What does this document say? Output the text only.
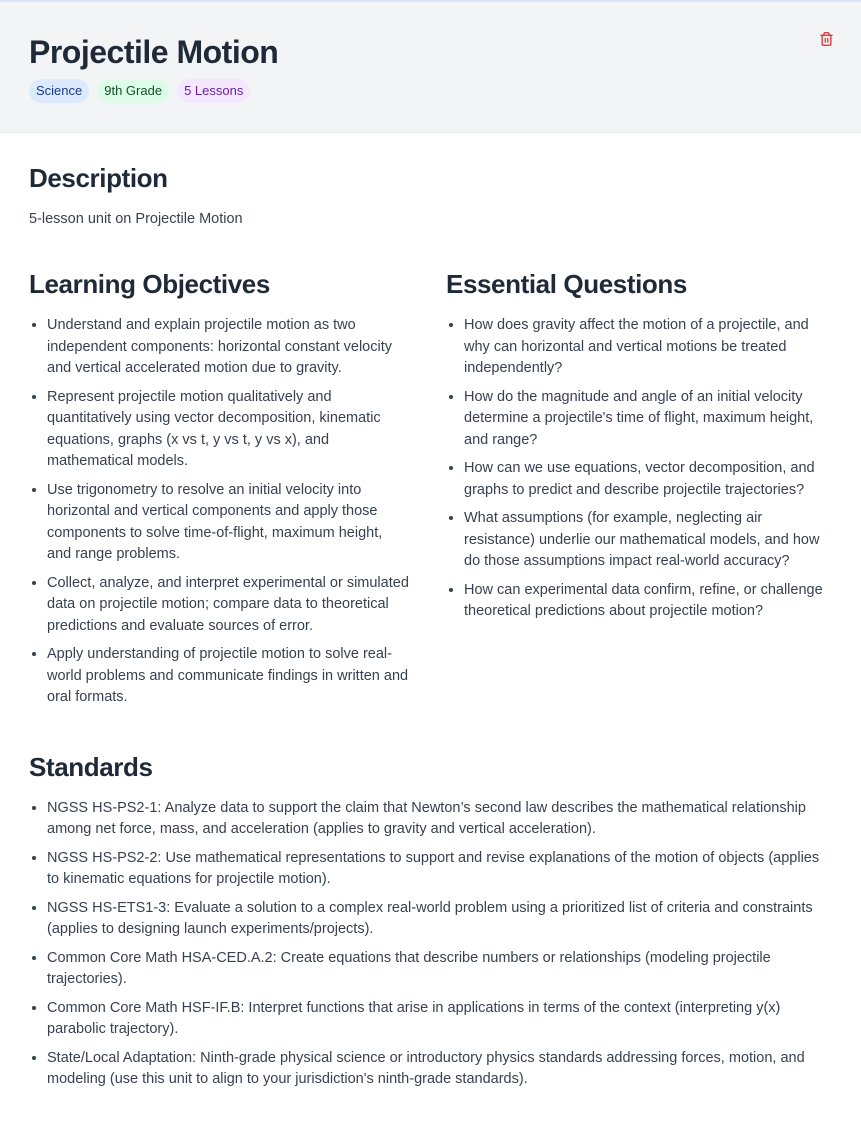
Projectile Motion
Science	9th Grade	5 Lessons
Description

5-lesson unit on Projectile Motion

Learning Objectives
• Understand and explain projectile motion as two independent components: horizontal constant velocity and vertical accelerated motion due to gravity.
• Represent projectile motion qualitatively and quantitatively using vector decomposition, kinematic equations, graphs (x vs t, y vs t, y vs x), and mathematical models.
• Use trigonometry to resolve an initial velocity into horizontal and vertical components and apply those components to solve time-of-flight, maximum height, and range problems.
• Collect, analyze, and interpret experimental or simulated data on projectile motion; compare data to theoretical predictions and evaluate sources of error.
• Apply understanding of projectile motion to solve real-world problems and communicate findings in written and oral formats.
Essential Questions
• How does gravity affect the motion of a projectile, and why can horizontal and vertical motions be treated independently?
• How do the magnitude and angle of an initial velocity determine a projectile's time of flight, maximum height, and range?
• How can we use equations, vector decomposition, and graphs to predict and describe projectile trajectories?
• What assumptions (for example, neglecting air resistance) underlie our mathematical models, and how do those assumptions impact real-world accuracy?
• How can experimental data confirm, refine, or challenge theoretical predictions about projectile motion?
Standards
• NGSS HS-PS2-1: Analyze data to support the claim that Newton’s second law describes the mathematical relationship among net force, mass, and acceleration (applies to gravity and vertical acceleration).
• NGSS HS-PS2-2: Use mathematical representations to support and revise explanations of the motion of objects (applies to kinematic equations for projectile motion).
• NGSS HS-ETS1-3: Evaluate a solution to a complex real-world problem using a prioritized list of criteria and constraints (applies to designing launch experiments/projects).
• Common Core Math HSA-CED.A.2: Create equations that describe numbers or relationships (modeling projectile trajectories).
• Common Core Math HSF-IF.B: Interpret functions that arise in applications in terms of the context (interpreting y(x) parabolic trajectory).
• State/Local Adaptation: Ninth-grade physical science or introductory physics standards addressing forces, motion, and modeling (use this unit to align to your jurisdiction's ninth-grade standards).
